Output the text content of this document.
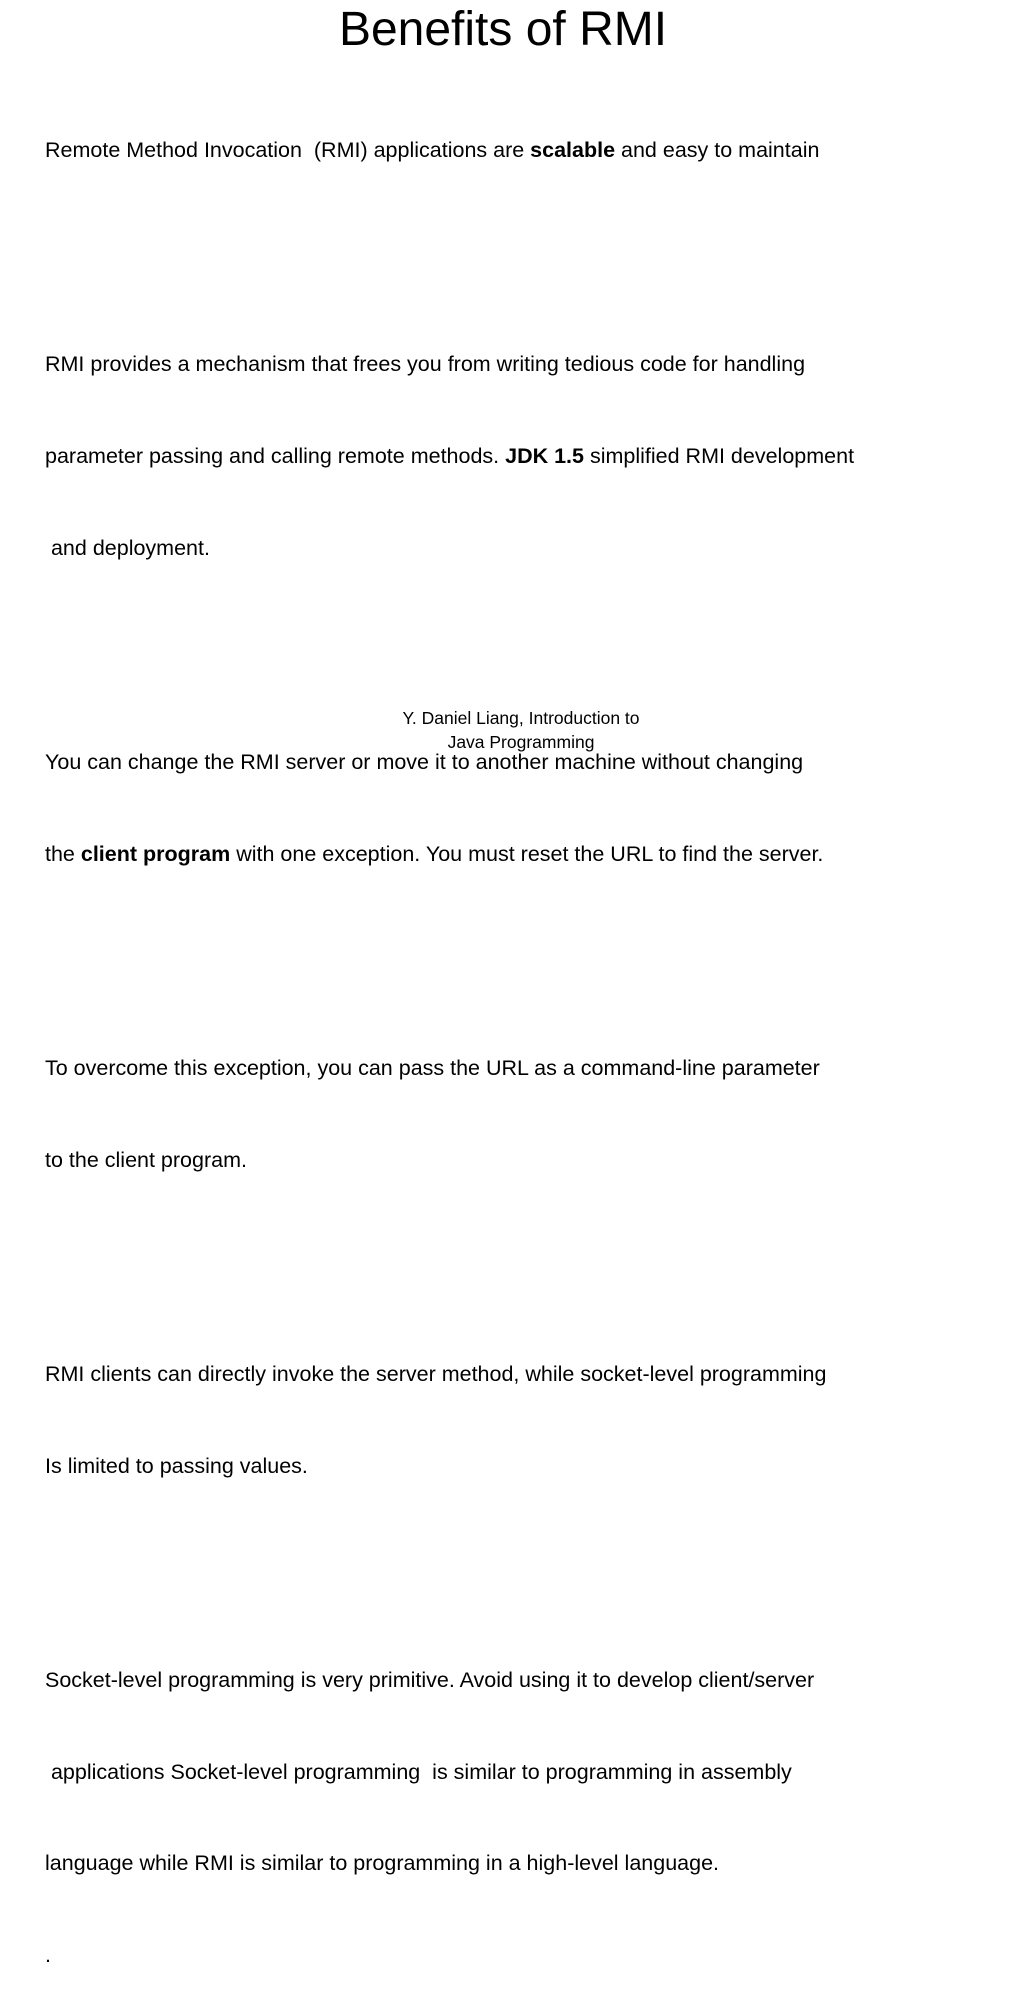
Benefits of RMI

Remote Method Invocation  (RMI) applications are scalable and easy to maintain

RMI provides a mechanism that frees you from writing tedious code for handling

parameter passing and calling remote methods. JDK 1.5 simplified RMI development

and deployment.

You can change the RMI server or move it to another machine without changing

the client program with one exception. You must reset the URL to find the server.

To overcome this exception, you can pass the URL as a command-line parameter

to the client program.

RMI clients can directly invoke the server method, while socket-level programming

Is limited to passing values.

Socket-level programming is very primitive. Avoid using it to develop client/server

applications Socket-level programming  is similar to programming in assembly

language while RMI is similar to programming in a high-level language.

.

Y. Daniel Liang, Introduction to
Java Programming
